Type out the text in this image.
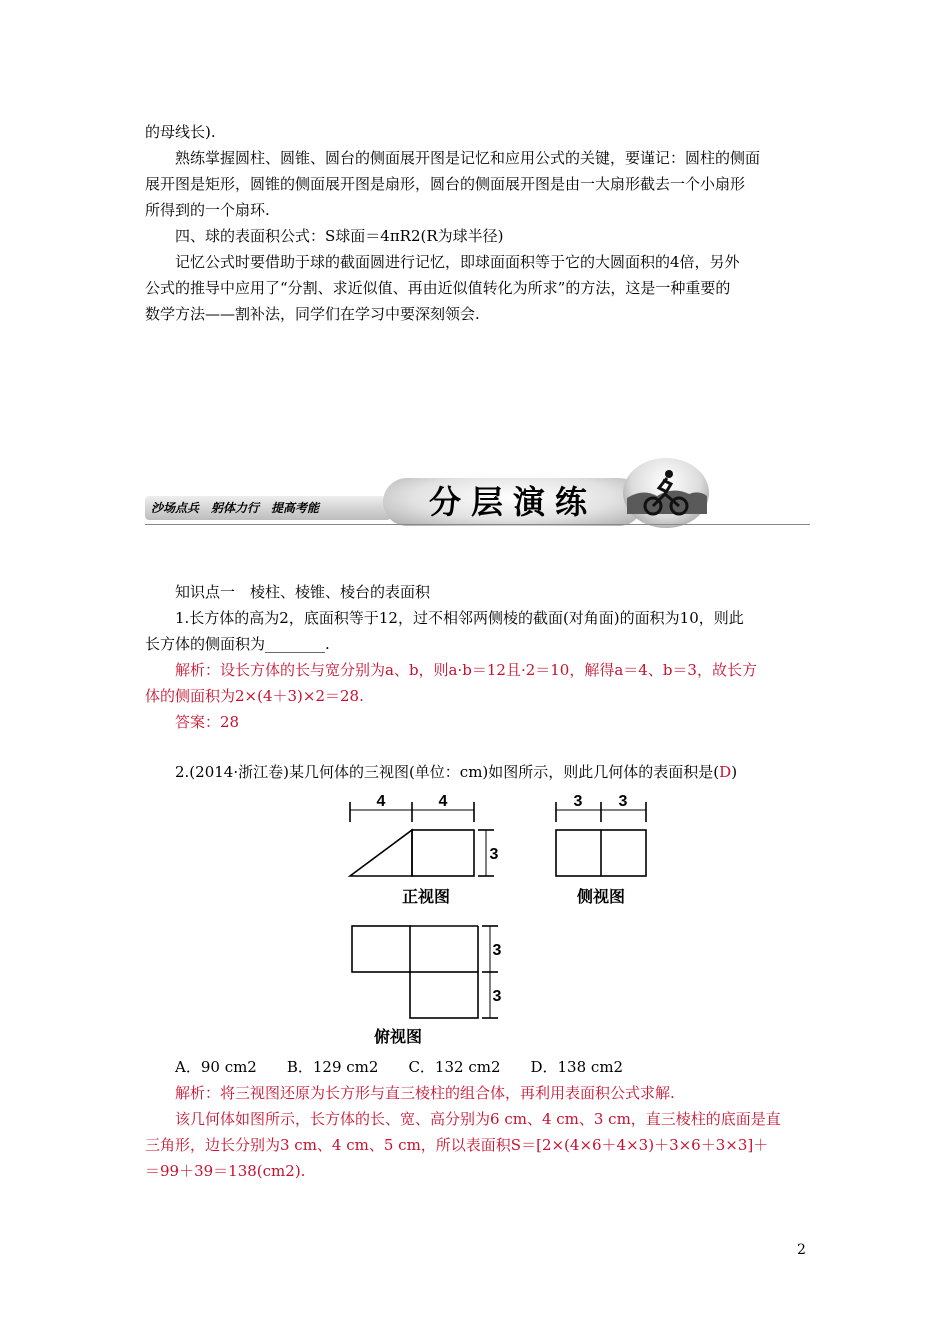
的母线长).
熟练掌握圆柱、圆锥、圆台的侧面展开图是记忆和应用公式的关键，要谨记：圆柱的侧面
展开图是矩形，圆锥的侧面展开图是扇形，圆台的侧面展开图是由一大扇形截去一个小扇形
所得到的一个扇环.
四、球的表面积公式：S球面＝4πR2(R为球半径)
记忆公式时要借助于球的截面圆进行记忆，即球面面积等于它的大圆面积的4倍，另外
公式的推导中应用了“分割、求近似值、再由近似值转化为所求”的方法，这是一种重要的
数学方法——割补法，同学们在学习中要深刻领会.
沙场点兵　躬体力行　提高考能	分层演练
知识点一　棱柱、棱锥、棱台的表面积
1.长方体的高为2，底面积等于12，过不相邻两侧棱的截面(对角面)的面积为10，则此
长方体的侧面积为________.
解析：设长方体的长与宽分别为a、b，则a·b＝12且·2＝10，解得a＝4、b＝3，故长方
体的侧面积为2×(4＋3)×2＝28.
答案：28
2.(2014·浙江卷)某几何体的三视图(单位：cm)如图所示，则此几何体的表面积是(D)
4	4
3
3 3
3
3
正视图	侧视图
俯视图
A．90 cm2　　B．129 cm2　　C．132 cm2　　D．138 cm2
解析：将三视图还原为长方形与直三棱柱的组合体，再利用表面积公式求解.
该几何体如图所示，长方体的长、宽、高分别为6 cm、4 cm、3 cm，直三棱柱的底面是直
三角形，边长分别为3 cm、4 cm、5 cm，所以表面积S＝[2×(4×6＋4×3)＋3×6＋3×3]＋
＝99＋39＝138(cm2).
2
